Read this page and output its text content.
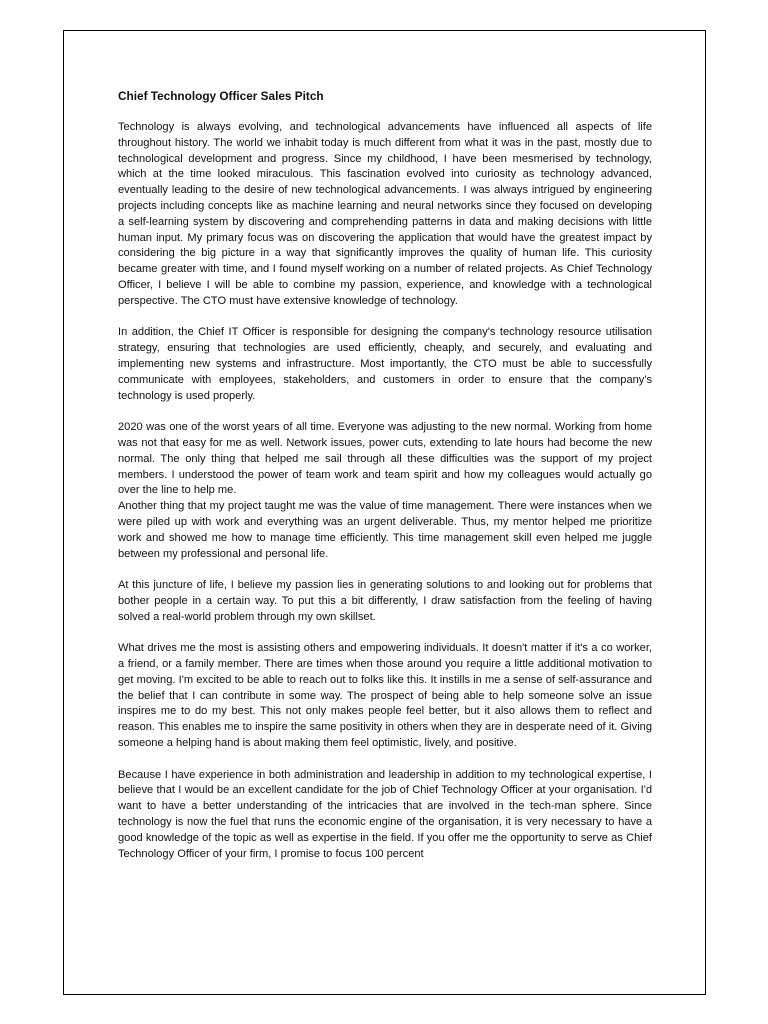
Chief Technology Officer Sales Pitch

Technology is always evolving, and technological advancements have influenced all aspects of life throughout history. The world we inhabit today is much different from what it was in the past, mostly due to technological development and progress. Since my childhood, I have been mesmerised by technology, which at the time looked miraculous. This fascination evolved into curiosity as technology advanced, eventually leading to the desire of new technological advancements. I was always intrigued by engineering projects including concepts like as machine learning and neural networks since they focused on developing a self-learning system by discovering and comprehending patterns in data and making decisions with little human input. My primary focus was on discovering the application that would have the greatest impact by considering the big picture in a way that significantly improves the quality of human life. This curiosity became greater with time, and I found myself working on a number of related projects. As Chief Technology Officer, I believe I will be able to combine my passion, experience, and knowledge with a technological perspective. The CTO must have extensive knowledge of technology.

In addition, the Chief IT Officer is responsible for designing the company's technology resource utilisation strategy, ensuring that technologies are used efficiently, cheaply, and securely, and evaluating and implementing new systems and infrastructure. Most importantly, the CTO must be able to successfully communicate with employees, stakeholders, and customers in order to ensure that the company's technology is used properly.

2020 was one of the worst years of all time. Everyone was adjusting to the new normal. Working from home was not that easy for me as well. Network issues, power cuts, extending to late hours had become the new normal. The only thing that helped me sail through all these difficulties was the support of my project members. I understood the power of team work and team spirit and how my colleagues would actually go over the line to help me.

Another thing that my project taught me was the value of time management. There were instances when we were piled up with work and everything was an urgent deliverable. Thus, my mentor helped me prioritize work and showed me how to manage time efficiently. This time management skill even helped me juggle between my professional and personal life.

At this juncture of life, I believe my passion lies in generating solutions to and looking out for problems that bother people in a certain way. To put this a bit differently, I draw satisfaction from the feeling of having solved a real-world problem through my own skillset.

What drives me the most is assisting others and empowering individuals. It doesn't matter if it's a co worker, a friend, or a family member. There are times when those around you require a little additional motivation to get moving. I'm excited to be able to reach out to folks like this. It instills in me a sense of self-assurance and the belief that I can contribute in some way. The prospect of being able to help someone solve an issue inspires me to do my best. This not only makes people feel better, but it also allows them to reflect and reason. This enables me to inspire the same positivity in others when they are in desperate need of it. Giving someone a helping hand is about making them feel optimistic, lively, and positive.

Because I have experience in both administration and leadership in addition to my technological expertise, I believe that I would be an excellent candidate for the job of Chief Technology Officer at your organisation. I'd want to have a better understanding of the intricacies that are involved in the tech-man sphere. Since technology is now the fuel that runs the economic engine of the organisation, it is very necessary to have a good knowledge of the topic as well as expertise in the field. If you offer me the opportunity to serve as Chief Technology Officer of your firm, I promise to focus 100 percent
